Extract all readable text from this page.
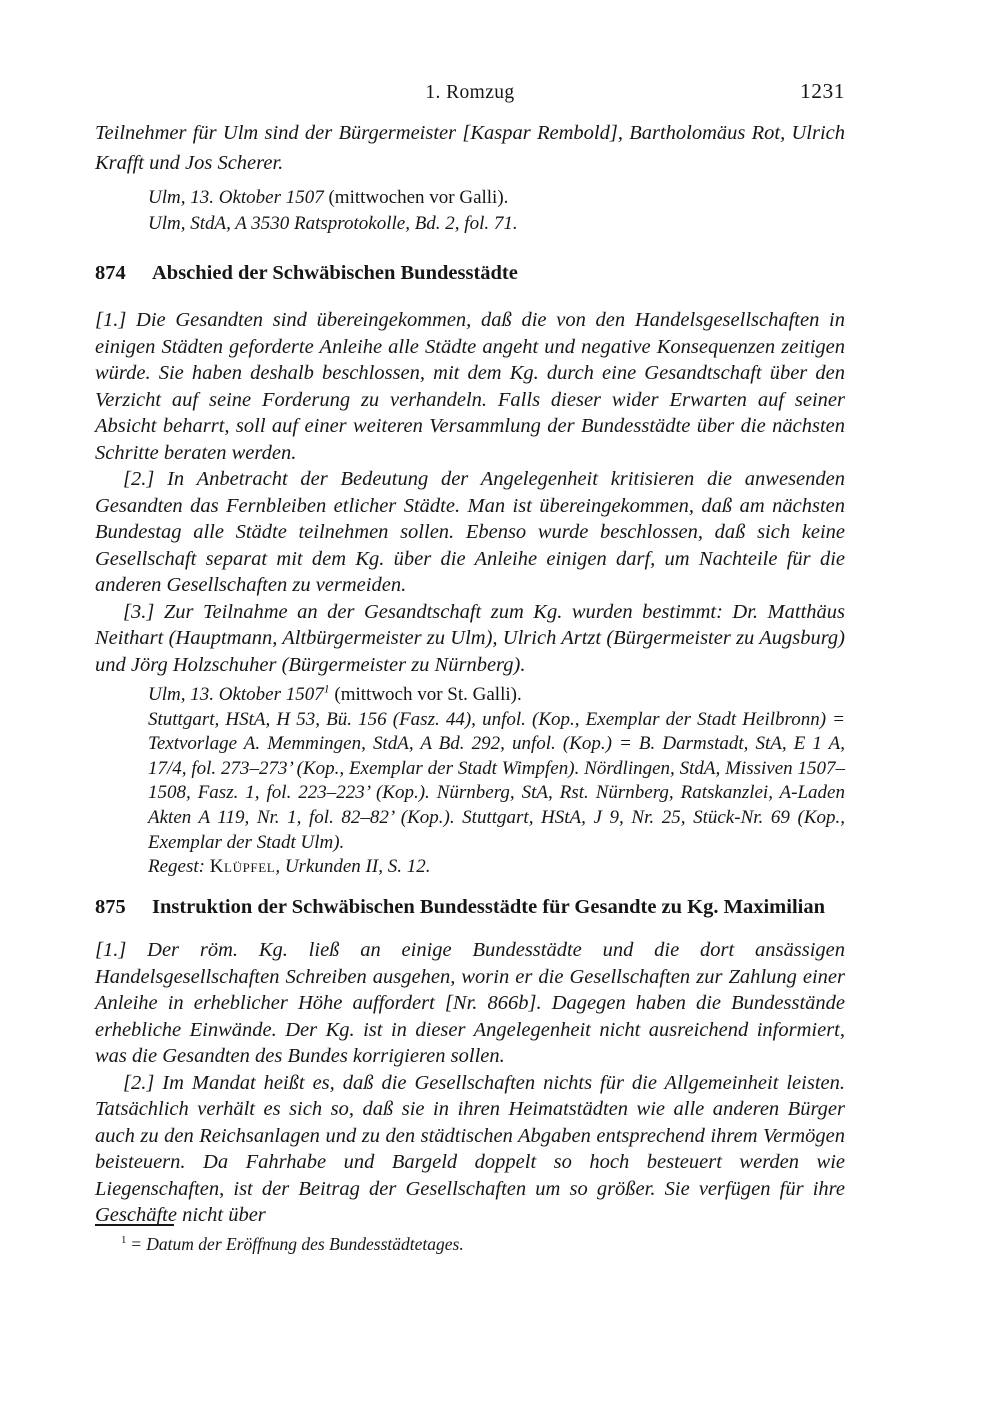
1. Romzug	1231
Teilnehmer für Ulm sind der Bürgermeister [Kaspar Rembold], Bartholomäus Rot, Ulrich Krafft und Jos Scherer.
Ulm, 13. Oktober 1507 (mittwochen vor Galli).
Ulm, StdA, A 3530 Ratsprotokolle, Bd. 2, fol. 71.
874 Abschied der Schwäbischen Bundesstädte

[1.] Die Gesandten sind übereingekommen, daß die von den Handelsgesellschaften in einigen Städten geforderte Anleihe alle Städte angeht und negative Konsequenzen zeitigen würde. Sie haben deshalb beschlossen, mit dem Kg. durch eine Gesandtschaft über den Verzicht auf seine Forderung zu verhandeln. Falls dieser wider Erwarten auf seiner Absicht beharrt, soll auf einer weiteren Versammlung der Bundesstädte über die nächsten Schritte beraten werden.

[2.] In Anbetracht der Bedeutung der Angelegenheit kritisieren die anwesenden Gesandten das Fernbleiben etlicher Städte. Man ist übereingekommen, daß am nächsten Bundestag alle Städte teilnehmen sollen. Ebenso wurde beschlossen, daß sich keine Gesellschaft separat mit dem Kg. über die Anleihe einigen darf, um Nachteile für die anderen Gesellschaften zu vermeiden.

[3.] Zur Teilnahme an der Gesandtschaft zum Kg. wurden bestimmt: Dr. Matthäus Neithart (Hauptmann, Altbürgermeister zu Ulm), Ulrich Artzt (Bürgermeister zu Augsburg) und Jörg Holzschuher (Bürgermeister zu Nürnberg).

Ulm, 13. Oktober 1507$^1$ (mittwoch vor St. Galli).

Stuttgart, HStA, H 53, Bü. 156 (Fasz. 44), unfol. (Kop., Exemplar der Stadt Heilbronn) = Textvorlage A. Memmingen, StdA, A Bd. 292, unfol. (Kop.) = B. Darmstadt, StA, E 1 A, 17/4, fol. 273–273’ (Kop., Exemplar der Stadt Wimpfen). Nördlingen, StdA, Missiven 1507–1508, Fasz. 1, fol. 223–223’ (Kop.). Nürnberg, StA, Rst. Nürnberg, Ratskanzlei, A-Laden Akten A 119, Nr. 1, fol. 82–82’ (Kop.). Stuttgart, HStA, J 9, Nr. 25, Stück-Nr. 69 (Kop., Exemplar der Stadt Ulm).

Regest: Klüpfel, Urkunden II, S. 12.
875 Instruktion der Schwäbischen Bundesstädte für Gesandte zu Kg. Maximilian

[1.] Der röm. Kg. ließ an einige Bundesstädte und die dort ansässigen Handelsgesellschaften Schreiben ausgehen, worin er die Gesellschaften zur Zahlung einer Anleihe in erheblicher Höhe auffordert [Nr. 866b]. Dagegen haben die Bundesstände erhebliche Einwände. Der Kg. ist in dieser Angelegenheit nicht ausreichend informiert, was die Gesandten des Bundes korrigieren sollen.

[2.] Im Mandat heißt es, daß die Gesellschaften nichts für die Allgemeinheit leisten. Tatsächlich verhält es sich so, daß sie in ihren Heimatstädten wie alle anderen Bürger auch zu den Reichsanlagen und zu den städtischen Abgaben entsprechend ihrem Vermögen beisteuern. Da Fahrhabe und Bargeld doppelt so hoch besteuert werden wie Liegenschaften, ist der Beitrag der Gesellschaften um so größer. Sie verfügen für ihre Geschäfte nicht über

$^1$ = Datum der Eröffnung des Bundesstädtetages.
